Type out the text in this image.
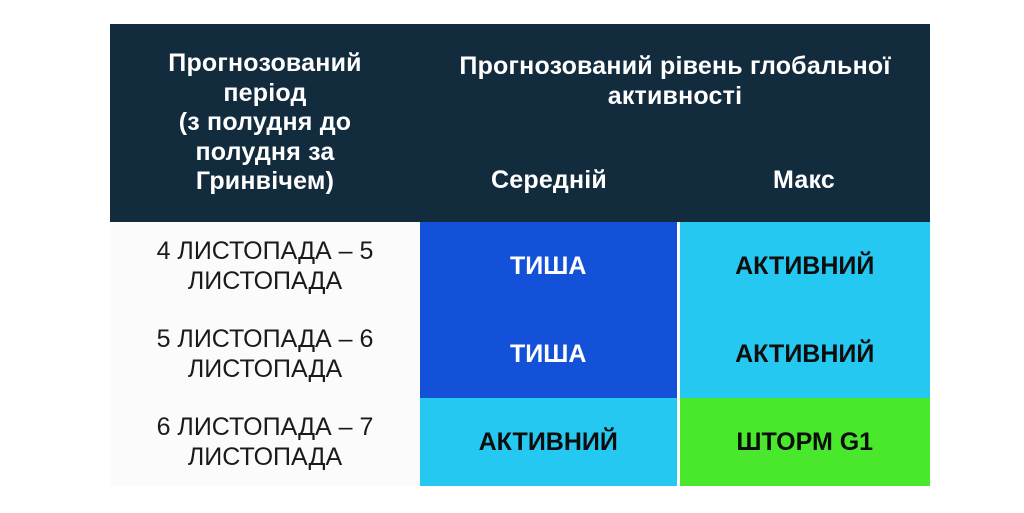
Прогнозований
період
(з полудня до
полудня за
Гринвічем)	Прогнозований рівень глобальної
активності	

	Середній	Макс

4 ЛИСТОПАДА – 5
ЛИСТОПАДА	ТИША	АКТИВНИЙ

5 ЛИСТОПАДА – 6
ЛИСТОПАДА	ТИША	АКТИВНИЙ

6 ЛИСТОПАДА – 7
ЛИСТОПАДА	АКТИВНИЙ	ШТОРМ G1
